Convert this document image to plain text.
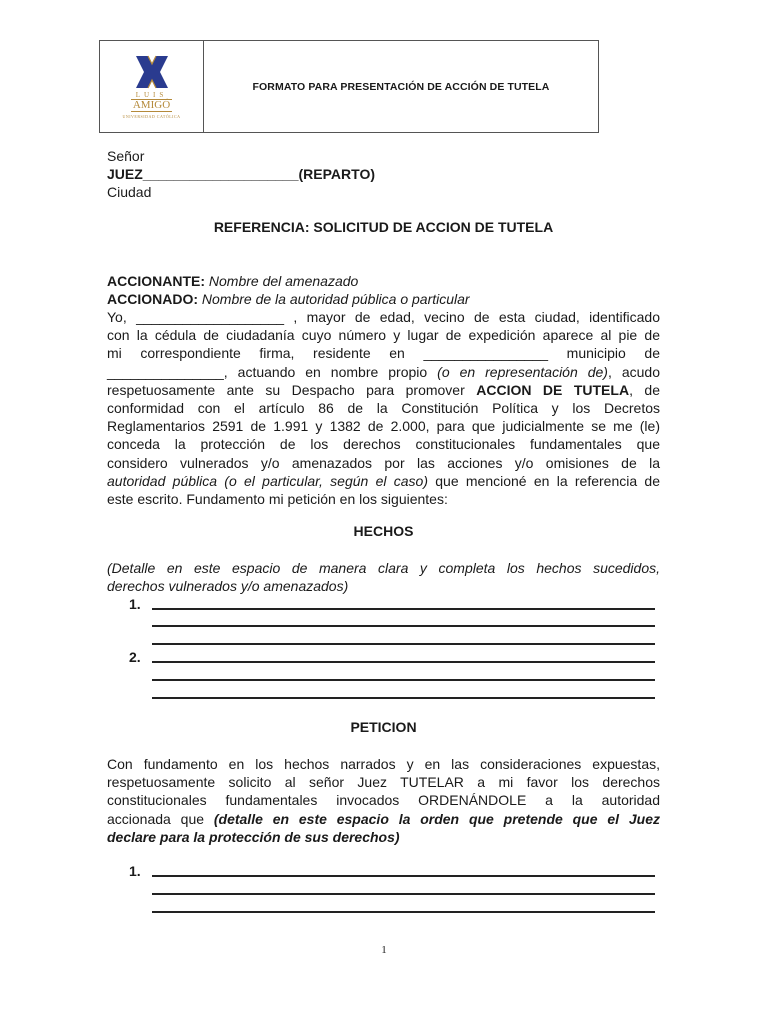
LUIS
AMIGÓ
UNIVERSIDAD CATÓLICA
FORMATO PARA PRESENTACIÓN DE ACCIÓN DE TUTELA
Señor
JUEZ____________________(REPARTO)
Ciudad
REFERENCIA: SOLICITUD DE ACCION DE TUTELA
ACCIONANTE: Nombre del amenazado
ACCIONADO: Nombre de la autoridad pública o particular
Yo, ___________________ , mayor de edad, vecino de esta ciudad, identificado
con la cédula de ciudadanía cuyo número y lugar de expedición aparece al pie de
mi correspondiente firma, residente en ________________ municipio de
_______________, actuando en nombre propio (o en representación de), acudo
respetuosamente ante su Despacho para promover ACCION DE TUTELA, de
conformidad con el artículo 86 de la Constitución Política y los Decretos
Reglamentarios 2591 de 1.991 y 1382 de 2.000, para que judicialmente se me (le)
conceda la protección de los derechos constitucionales fundamentales que
considero vulnerados y/o amenazados por las acciones y/o omisiones de la
autoridad pública (o el particular, según el caso) que mencioné en la referencia de
este escrito. Fundamento mi petición en los siguientes:
HECHOS
(Detalle en este espacio de manera clara y completa los hechos sucedidos,
derechos vulnerados y/o amenazados)
1.
2.
PETICION
Con fundamento en los hechos narrados y en las consideraciones expuestas,
respetuosamente solicito al señor Juez TUTELAR a mi favor los derechos
constitucionales fundamentales invocados ORDENÁNDOLE a la autoridad
accionada que (detalle en este espacio la orden que pretende que el Juez
declare para la protección de sus derechos)
1.
1
